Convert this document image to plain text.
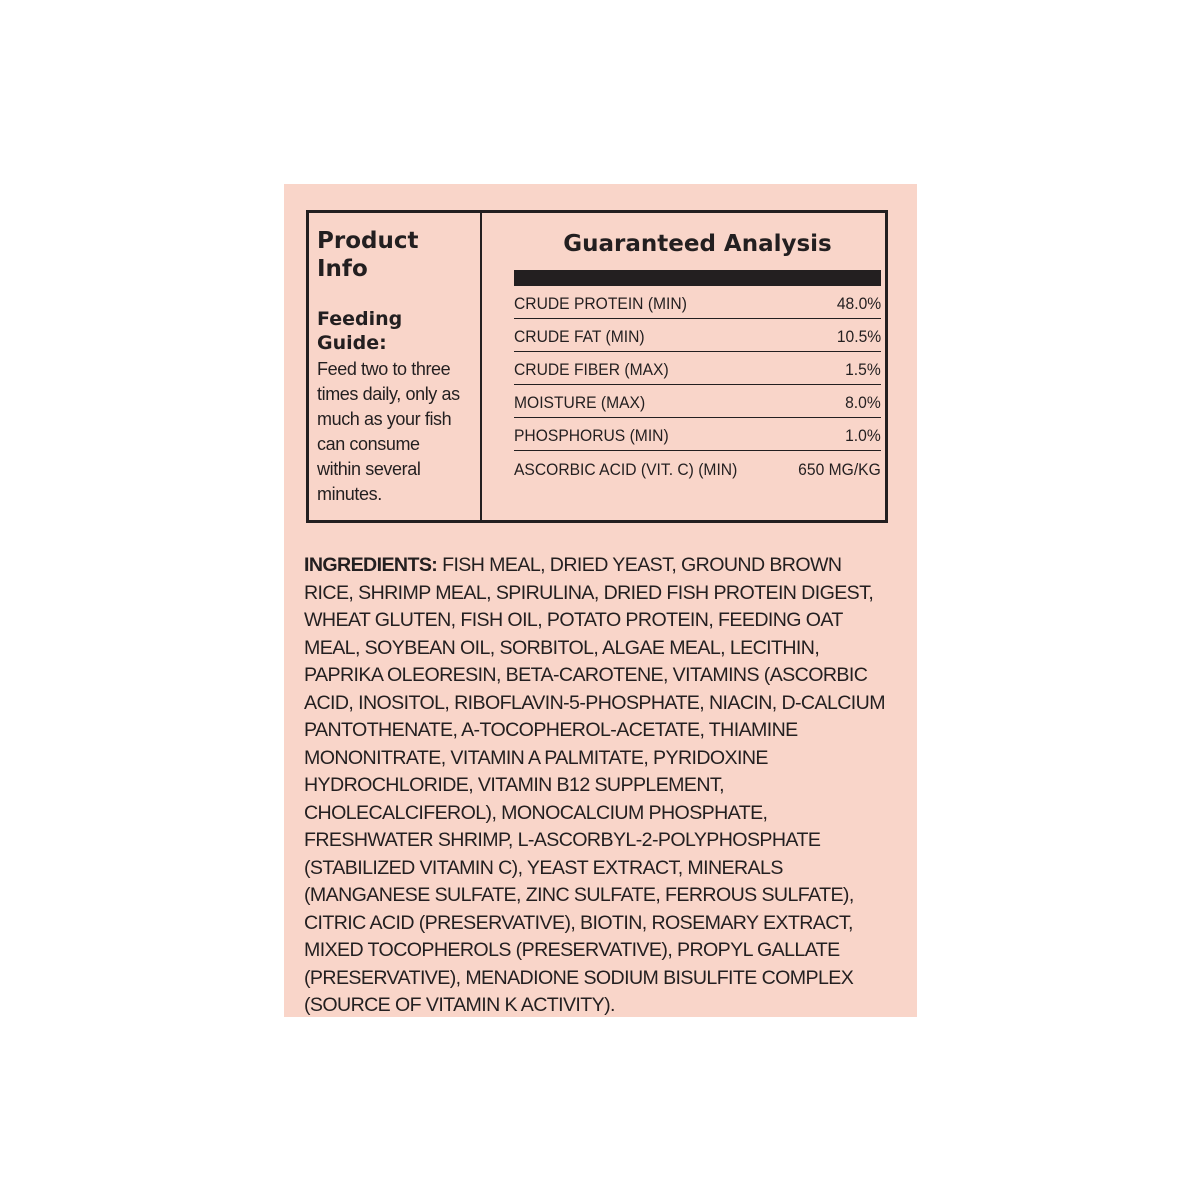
Product Info
Feeding Guide:

Feed two to three times daily, only as much as your fish can consume within several minutes.

Guaranteed Analysis
CRUDE PROTEIN (MIN)	48.0%
CRUDE FAT (MIN)	10.5%
CRUDE FIBER (MAX)	1.5%
MOISTURE (MAX)	8.0%
PHOSPHORUS (MIN)	1.0%
ASCORBIC ACID (VIT. C) (MIN)	650 MG/KG

INGREDIENTS: FISH MEAL, DRIED YEAST, GROUND BROWN RICE, SHRIMP MEAL, SPIRULINA, DRIED FISH PROTEIN DIGEST, WHEAT GLUTEN, FISH OIL, POTATO PROTEIN, FEEDING OAT MEAL, SOYBEAN OIL, SORBITOL, ALGAE MEAL, LECITHIN, PAPRIKA OLEORESIN, BETA-CAROTENE, VITAMINS (ASCORBIC ACID, INOSITOL, RIBOFLAVIN-5-PHOSPHATE, NIACIN, D-CALCIUM PANTOTHENATE, A-TOCOPHEROL-ACETATE, THIAMINE MONONITRATE, VITAMIN A PALMITATE, PYRIDOXINE HYDROCHLORIDE, VITAMIN B12 SUPPLEMENT, CHOLECALCIFEROL), MONOCALCIUM PHOSPHATE, FRESHWATER SHRIMP, L-ASCORBYL-2-POLYPHOSPHATE (STABILIZED VITAMIN C), YEAST EXTRACT, MINERALS (MANGANESE SULFATE, ZINC SULFATE, FERROUS SULFATE), CITRIC ACID (PRESERVATIVE), BIOTIN, ROSEMARY EXTRACT, MIXED TOCOPHEROLS (PRESERVATIVE), PROPYL GALLATE (PRESERVATIVE), MENADIONE SODIUM BISULFITE COMPLEX (SOURCE OF VITAMIN K ACTIVITY).
